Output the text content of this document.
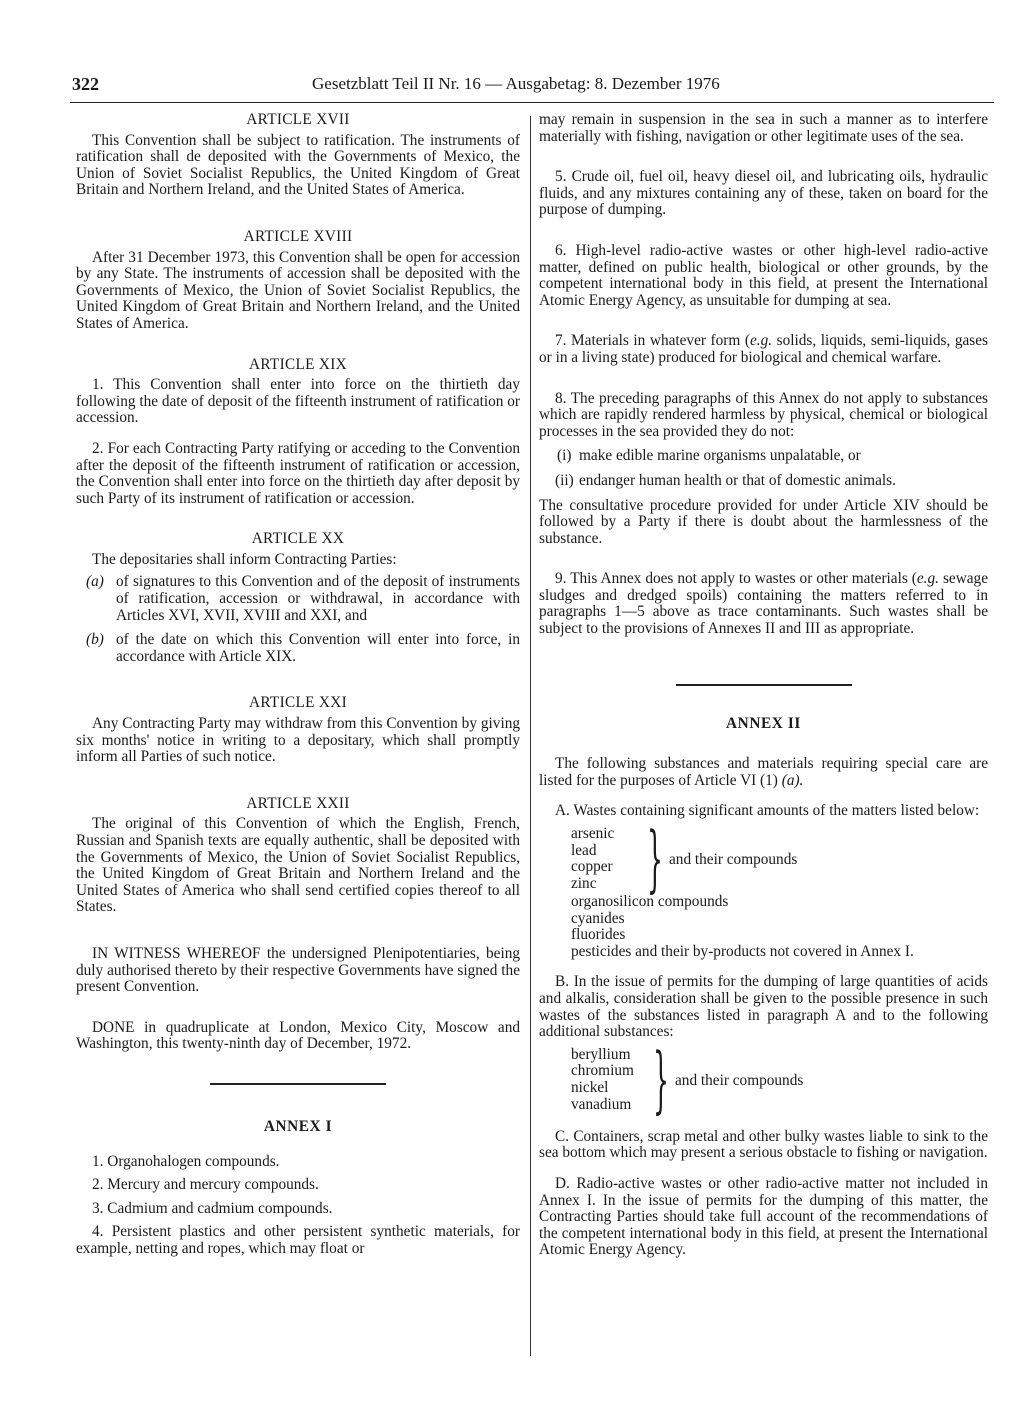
322	Gesetzblatt Teil II Nr. 16 — Ausgabetag: 8. Dezember 1976
ARTICLE XVII

This Convention shall be subject to ratification. The instruments of ratification shall de deposited with the Governments of Mexico, the Union of Soviet Socialist Republics, the United Kingdom of Great Britain and Northern Ireland, and the United States of America.

ARTICLE XVIII

After 31 December 1973, this Convention shall be open for accession by any State. The instruments of accession shall be deposited with the Governments of Mexico, the Union of Soviet Socialist Republics, the United Kingdom of Great Britain and Northern Ireland, and the United States of America.

ARTICLE XIX

1. This Convention shall enter into force on the thirtieth day following the date of deposit of the fifteenth instrument of ratification or accession.

2. For each Contracting Party ratifying or acceding to the Convention after the deposit of the fifteenth instrument of ratification or accession, the Convention shall enter into force on the thirtieth day after deposit by such Party of its instrument of ratification or accession.

ARTICLE XX

The depositaries shall inform Contracting Parties:

(a) of signatures to this Convention and of the deposit of instruments of ratification, accession or withdrawal, in accordance with Articles XVI, XVII, XVIII and XXI, and
(b) of the date on which this Convention will enter into force, in accordance with Article XIX.
ARTICLE XXI

Any Contracting Party may withdraw from this Convention by giving six months' notice in writing to a depositary, which shall promptly inform all Parties of such notice.

ARTICLE XXII

The original of this Convention of which the English, French, Russian and Spanish texts are equally authentic, shall be deposited with the Governments of Mexico, the Union of Soviet Socialist Republics, the United Kingdom of Great Britain and Northern Ireland and the United States of America who shall send certified copies thereof to all States.

IN WITNESS WHEREOF the undersigned Plenipotentiaries, being duly authorised thereto by their respective Governments have signed the present Convention.

DONE in quadruplicate at London, Mexico City, Moscow and Washington, this twenty-ninth day of December, 1972.

ANNEX I

1. Organohalogen compounds.

2. Mercury and mercury compounds.

3. Cadmium and cadmium compounds.

4. Persistent plastics and other persistent synthetic materials, for example, netting and ropes, which may float or

may remain in suspension in the sea in such a manner as to interfere materially with fishing, navigation or other legitimate uses of the sea.

5. Crude oil, fuel oil, heavy diesel oil, and lubricating oils, hydraulic fluids, and any mixtures containing any of these, taken on board for the purpose of dumping.

6. High-level radio-active wastes or other high-level radio-active matter, defined on public health, biological or other grounds, by the competent international body in this field, at present the International Atomic Energy Agency, as unsuitable for dumping at sea.

7. Materials in whatever form (e.g. solids, liquids, semi-liquids, gases or in a living state) produced for biological and chemical warfare.

8. The preceding paragraphs of this Annex do not apply to substances which are rapidly rendered harmless by physical, chemical or biological processes in the sea provided they do not:

(i) make edible marine organisms unpalatable, or
(ii) endanger human health or that of domestic animals.

The consultative procedure provided for under Article XIV should be followed by a Party if there is doubt about the harmlessness of the substance.

9. This Annex does not apply to wastes or other materials (e.g. sewage sludges and dredged spoils) containing the matters referred to in paragraphs 1—5 above as trace contaminants. Such wastes shall be subject to the provisions of Annexes II and III as appropriate.

ANNEX II

The following substances and materials requiring special care are listed for the purposes of Article VI (1) (a).

A. Wastes containing significant amounts of the matters listed below:

arsenic
lead
copper
zinc	} and their compounds
organosilicon compounds
cyanides
fluorides
pesticides and their by-products not covered in Annex I.

B. In the issue of permits for the dumping of large quantities of acids and alkalis, consideration shall be given to the possible presence in such wastes of the substances listed in paragraph A and to the following additional substances:

beryllium
chromium
nickel
vanadium } and their compounds

C. Containers, scrap metal and other bulky wastes liable to sink to the sea bottom which may present a serious obstacle to fishing or navigation.

D. Radio-active wastes or other radio-active matter not included in Annex I. In the issue of permits for the dumping of this matter, the Contracting Parties should take full account of the recommendations of the competent international body in this field, at present the International Atomic Energy Agency.
